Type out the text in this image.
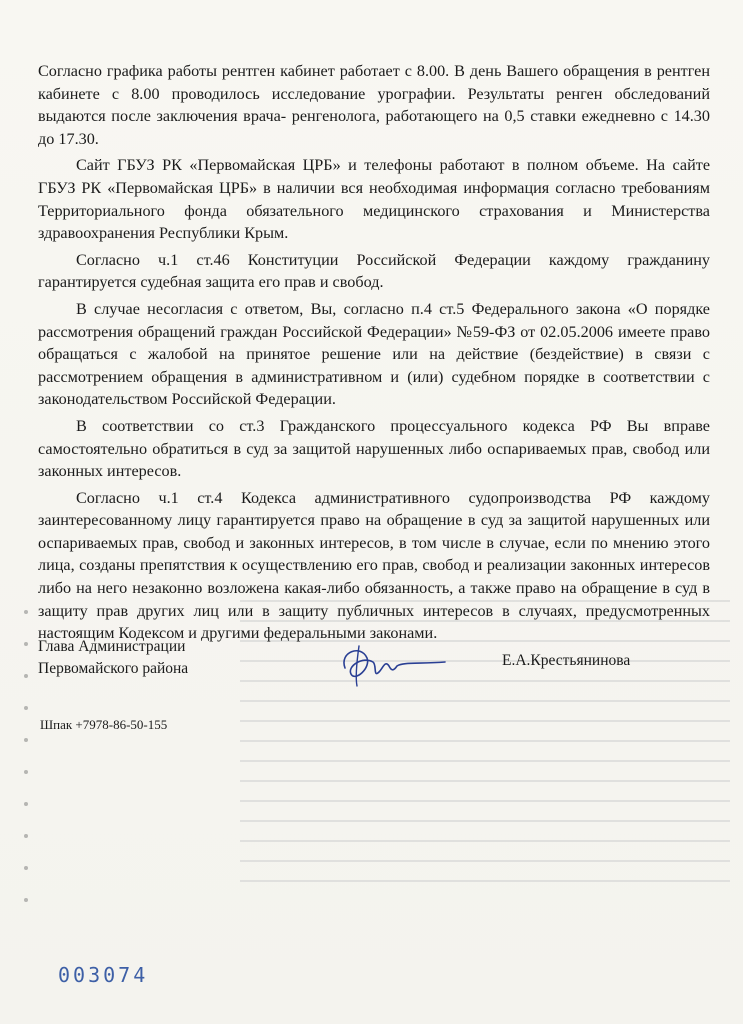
Согласно графика работы рентген кабинет работает с 8.00. В день Вашего обращения в рентген кабинете с 8.00 проводилось исследование урографии. Результаты ренген обследований выдаются после заключения врача- ренгенолога, работающего на 0,5 ставки ежедневно с 14.30 до 17.30.

Сайт ГБУЗ РК «Первомайская ЦРБ» и телефоны работают в полном объеме. На сайте ГБУЗ РК «Первомайская ЦРБ» в наличии вся необходимая информация согласно требованиям Территориального фонда обязательного медицинского страхования и Министерства здравоохранения Республики Крым.

Согласно ч.1 ст.46 Конституции Российской Федерации каждому гражданину гарантируется судебная защита его прав и свобод.

В случае несогласия с ответом, Вы, согласно п.4 ст.5 Федерального закона «О порядке рассмотрения обращений граждан Российской Федерации» №59-ФЗ от 02.05.2006 имеете право обращаться с жалобой на принятое решение или на действие (бездействие) в связи с рассмотрением обращения в административном и (или) судебном порядке в соответствии с законодательством Российской Федерации.

В соответствии со ст.3 Гражданского процессуального кодекса РФ Вы вправе самостоятельно обратиться в суд за защитой нарушенных либо оспариваемых прав, свобод или законных интересов.

Согласно ч.1 ст.4 Кодекса административного судопроизводства РФ каждому заинтересованному лицу гарантируется право на обращение в суд за защитой нарушенных или оспариваемых прав, свобод и законных интересов, в том числе в случае, если по мнению этого лица, созданы препятствия к осуществлению его прав, свобод и реализации законных интересов либо на него незаконно возложена какая-либо обязанность, а также право на обращение в суд в защиту прав других лиц или в защиту публичных интересов в случаях, предусмотренных настоящим Кодексом и другими федеральными законами.

Глава Администрации
Первомайского района	Е.А.Крестьянинова
Шпак +7978-86-50-155
003074
